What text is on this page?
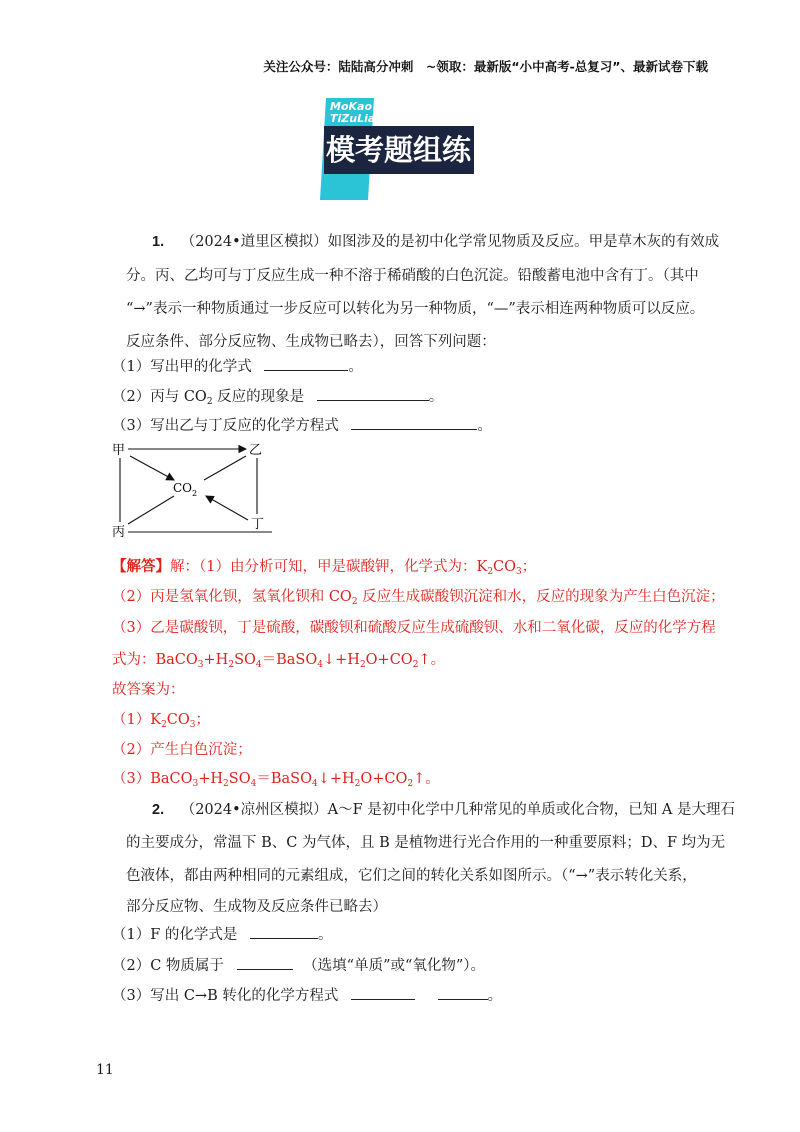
关注公众号：陆陆高分冲刺　~领取：最新版“小中高考-总复习”、最新试卷下载
MoKao
TiZuLian
模考题组练
1. （2024•道里区模拟）如图涉及的是初中化学常见物质及反应。甲是草木灰的有效成
分。丙、乙均可与丁反应生成一种不溶于稀硝酸的白色沉淀。铅酸蓄电池中含有丁。（其中
“→”表示一种物质通过一步反应可以转化为另一种物质，“—”表示相连两种物质可以反应。
反应条件、部分反应物、生成物已略去），回答下列问题：
（1）写出甲的化学式	。
（2）丙与 $CO_2$ 反应的现象是	。
（3）写出乙与丁反应的化学方程式	。
甲	乙
丙
丁
$CO_2$
【解答】解：（1）由分析可知，甲是碳酸钾，化学式为：$K_2CO_3$；
（2）丙是氢氧化钡，氢氧化钡和 $CO_2$ 反应生成碳酸钡沉淀和水，反应的现象为产生白色沉淀；
（3）乙是碳酸钡，丁是硫酸，碳酸钡和硫酸反应生成硫酸钡、水和二氧化碳，反应的化学方程
式为：$BaCO_3+H_2SO_4=BaSO_4↓+H_2O+CO_2↑$。
故答案为：
$(1)K_2CO_3$；
（2）产生白色沉淀；
$(3)BaCO_3+H_2SO_4=BaSO_4↓+H_2O+CO_2↑$。
2. （2024•凉州区模拟）A～F 是初中化学中几种常见的单质或化合物，已知 A 是大理石
的主要成分，常温下 B、C 为气体，且 B 是植物进行光合作用的一种重要原料；D、F 均为无
色液体，都由两种相同的元素组成，它们之间的转化关系如图所示。（“→”表示转化关系，
部分反应物、生成物及反应条件已略去）
（1）F 的化学式是	。
（2）C 物质属于	（选填“单质”或“氧化物”）。
（3）写出 C→B 转化的化学方程式	。
11
